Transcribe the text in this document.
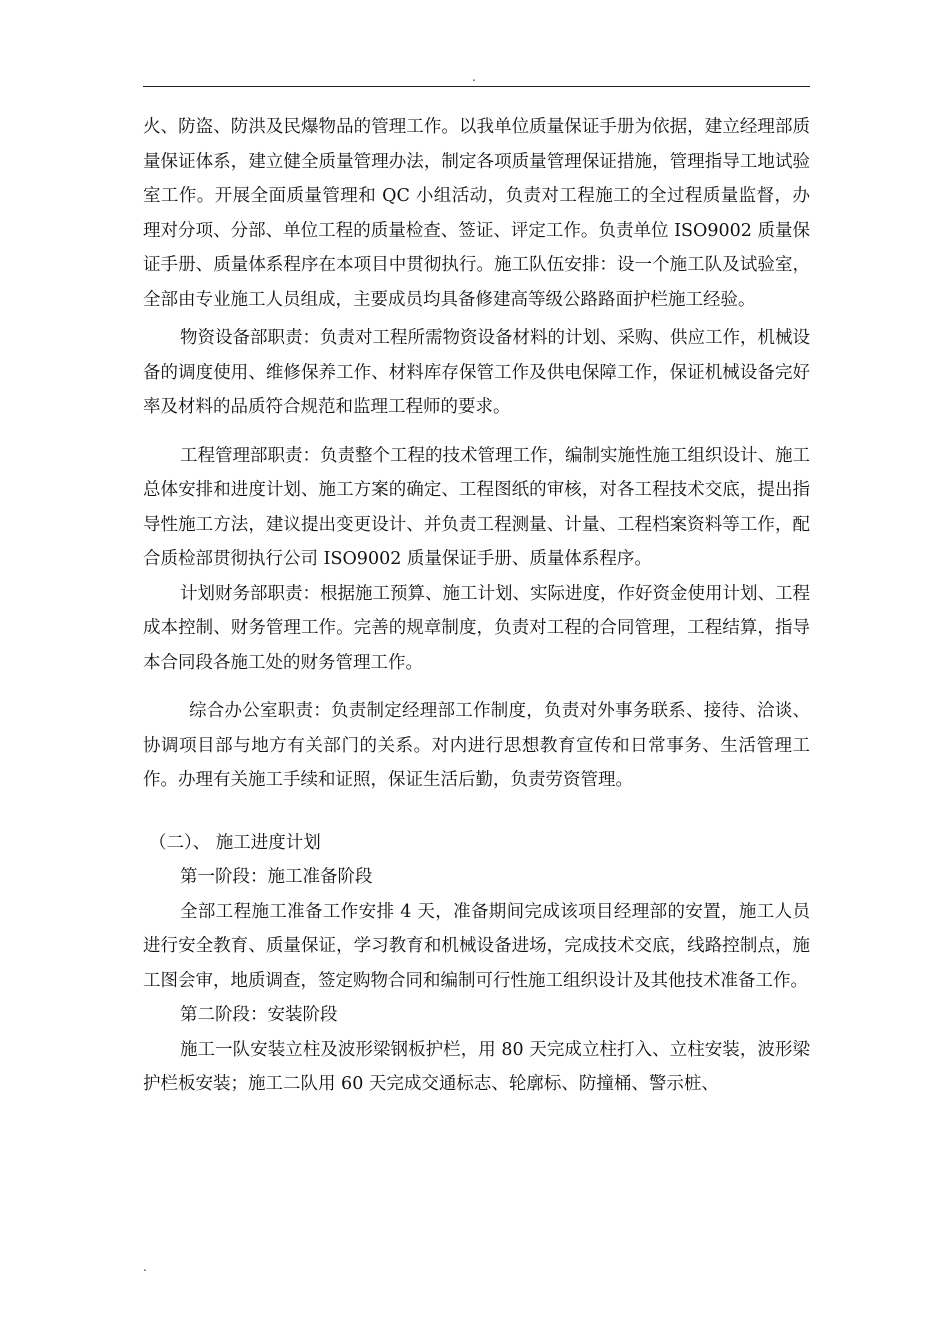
.

火、防盗、防洪及民爆物品的管理工作。以我单位质量保证手册为依据，建立经理部质量保证体系，建立健全质量管理办法，制定各项质量管理保证措施，管理指导工地试验室工作。开展全面质量管理和 QC 小组活动，负责对工程施工的全过程质量监督，办理对分项、分部、单位工程的质量检查、签证、评定工作。负责单位 ISO9002 质量保证手册、质量体系程序在本项目中贯彻执行。施工队伍安排：设一个施工队及试验室，全部由专业施工人员组成，主要成员均具备修建高等级公路路面护栏施工经验。

物资设备部职责：负责对工程所需物资设备材料的计划、采购、供应工作，机械设备的调度使用、维修保养工作、材料库存保管工作及供电保障工作，保证机械设备完好率及材料的品质符合规范和监理工程师的要求。

工程管理部职责：负责整个工程的技术管理工作，编制实施性施工组织设计、施工总体安排和进度计划、施工方案的确定、工程图纸的审核，对各工程技术交底，提出指导性施工方法，建议提出变更设计、并负责工程测量、计量、工程档案资料等工作，配合质检部贯彻执行公司 ISO9002 质量保证手册、质量体系程序。

计划财务部职责：根据施工预算、施工计划、实际进度，作好资金使用计划、工程成本控制、财务管理工作。完善的规章制度，负责对工程的合同管理，工程结算，指导本合同段各施工处的财务管理工作。

综合办公室职责：负责制定经理部工作制度，负责对外事务联系、接待、洽谈、协调项目部与地方有关部门的关系。对内进行思想教育宣传和日常事务、生活管理工作。办理有关施工手续和证照，保证生活后勤，负责劳资管理。

（二）、 施工进度计划

第一阶段：施工准备阶段

全部工程施工准备工作安排 4 天，准备期间完成该项目经理部的安置，施工人员进行安全教育、质量保证，学习教育和机械设备进场，完成技术交底，线路控制点，施工图会审，地质调查，签定购物合同和编制可行性施工组织设计及其他技术准备工作。

第二阶段：安装阶段

施工一队安装立柱及波形梁钢板护栏，用 80 天完成立柱打入、立柱安装，波形梁护栏板安装；施工二队用 60 天完成交通标志、轮廓标、防撞桶、警示桩、

.
